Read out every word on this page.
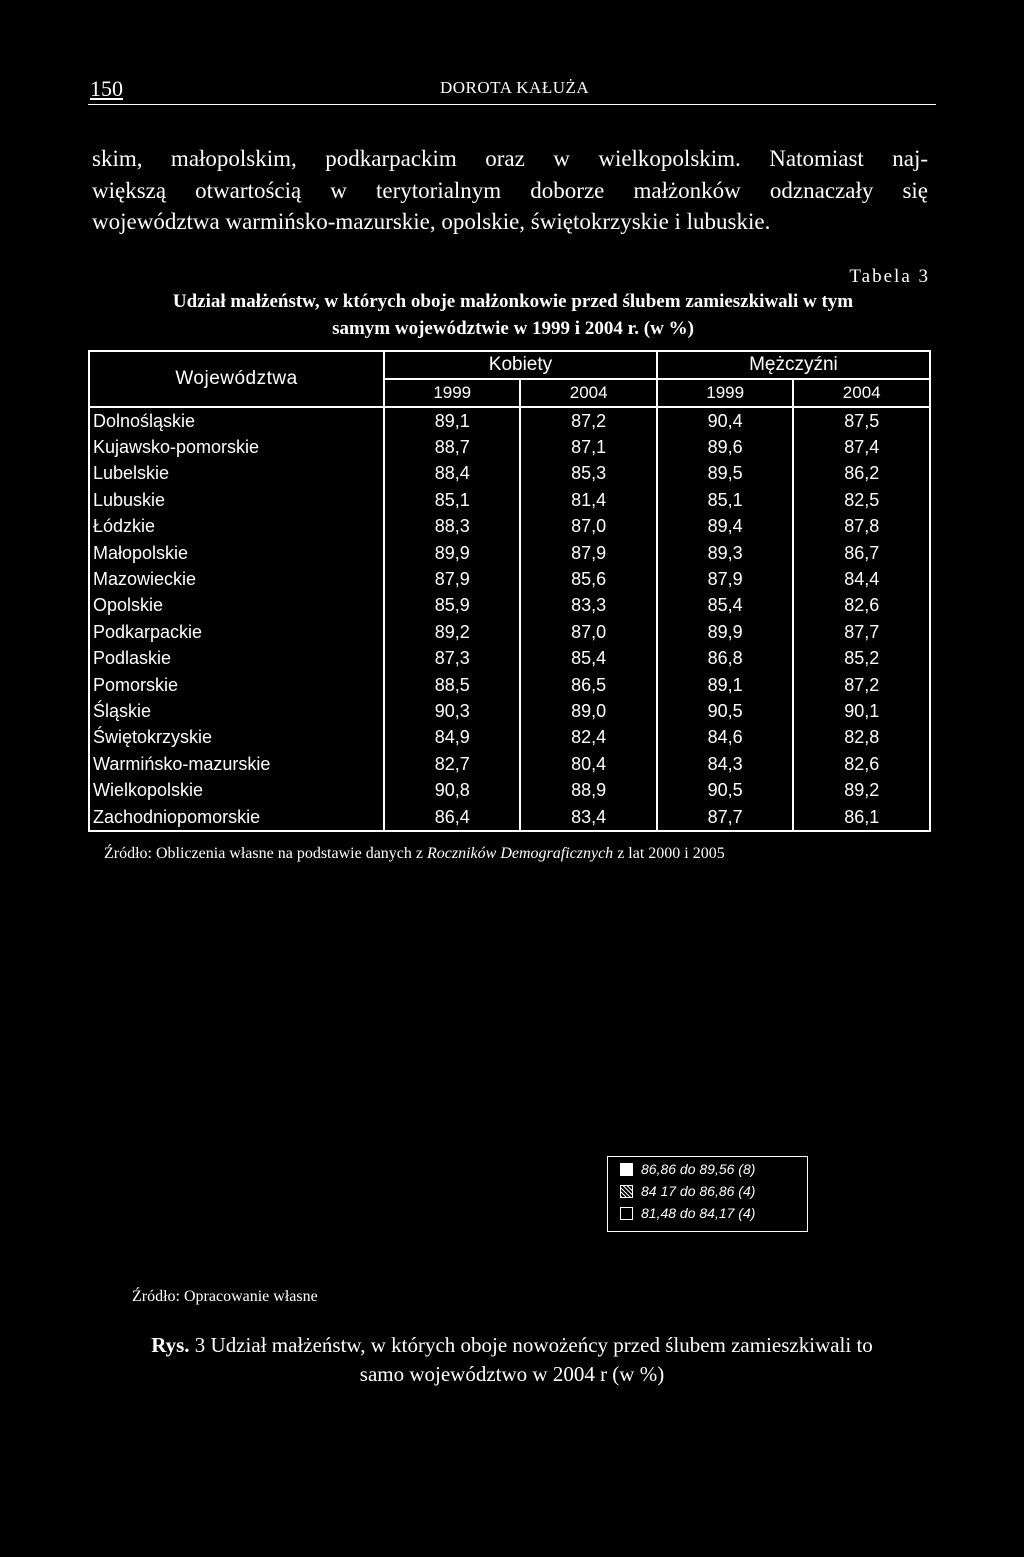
150	DOROTA KAŁUŻA
skim, małopolskim, podkarpackim oraz w wielkopolskim. Natomiast naj-
większą otwartością w terytorialnym doborze małżonków odznaczały się
województwa warmińsko-mazurskie, opolskie, świętokrzyskie i lubuskie.
Tabela 3
Udział małżeństw, w których oboje małżonkowie przed ślubem zamieszkiwali w tym
samym województwie w 1999 i 2004 r. (w %)
Województwa	Kobiety		Mężczyźni	
	1999	2004	1999	2004
Dolnośląskie	89,1	87,2	90,4	87,5
Kujawsko-pomorskie	88,7	87,1	89,6	87,4
Lubelskie	88,4	85,3	89,5	86,2
Lubuskie	85,1	81,4	85,1	82,5
Łódzkie	88,3	87,0	89,4	87,8
Małopolskie	89,9	87,9	89,3	86,7
Mazowieckie	87,9	85,6	87,9	84,4
Opolskie	85,9	83,3	85,4	82,6
Podkarpackie	89,2	87,0	89,9	87,7
Podlaskie	87,3	85,4	86,8	85,2
Pomorskie	88,5	86,5	89,1	87,2
Śląskie	90,3	89,0	90,5	90,1
Świętokrzyskie	84,9	82,4	84,6	82,8
Warmińsko-mazurskie	82,7	80,4	84,3	82,6
Wielkopolskie	90,8	88,9	90,5	89,2
Zachodniopomorskie	86,4	83,4	87,7	86,1
Źródło: Obliczenia własne na podstawie danych z Roczników Demograficznych z lat 2000 i 2005
86,86 do 89,56 (8)
84 17 do 86,86 (4)
81,48 do 84,17 (4)
Źródło: Opracowanie własne
Rys. 3 Udział małżeństw, w których oboje nowożeńcy przed ślubem zamieszkiwali to
samo województwo w 2004 r (w %)
